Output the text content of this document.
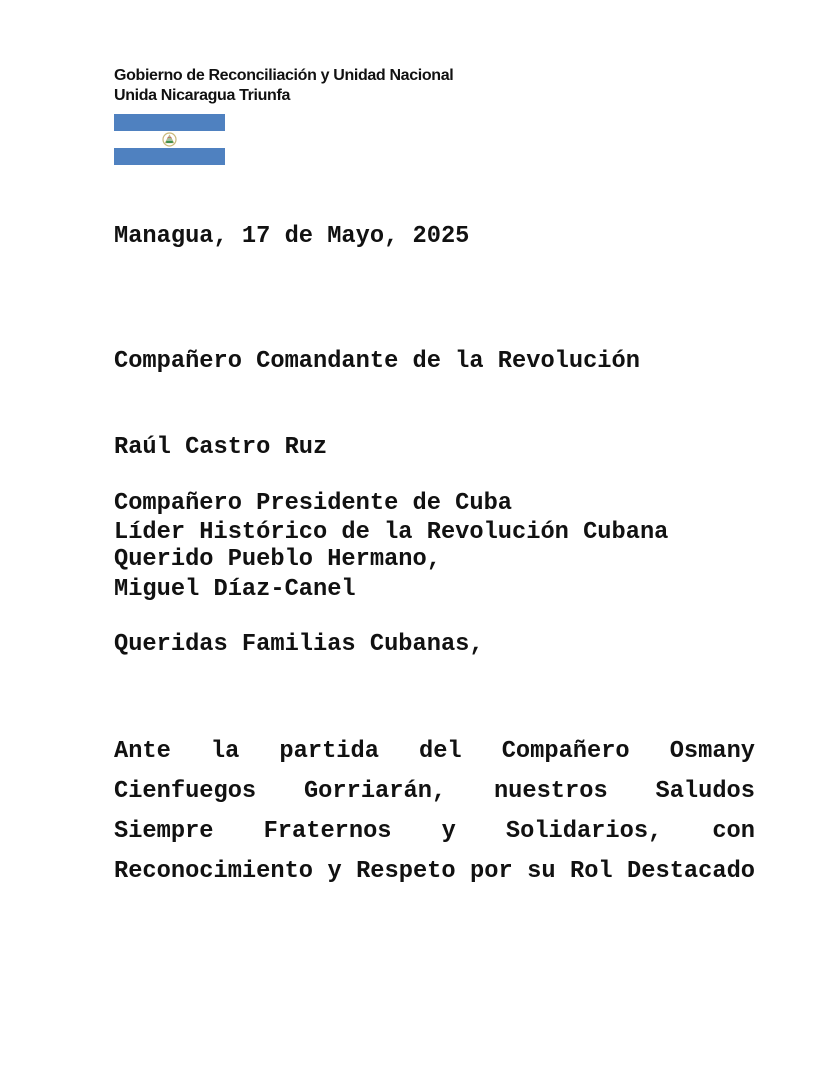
Gobierno de Reconciliación y Unidad Nacional
Unida Nicaragua Triunfa
Managua, 17 de Mayo, 2025

Compañero Comandante de la Revolución

Raúl Castro Ruz

Líder Histórico de la Revolución Cubana

Compañero Presidente de Cuba

Miguel Díaz-Canel

Querido Pueblo Hermano,
Queridas Familias Cubanas,
Ante la partida del Compañero Osmany
Cienfuegos Gorriarán, nuestros Saludos
Siempre Fraternos y Solidarios, con
Reconocimiento y Respeto por su Rol Destacado
